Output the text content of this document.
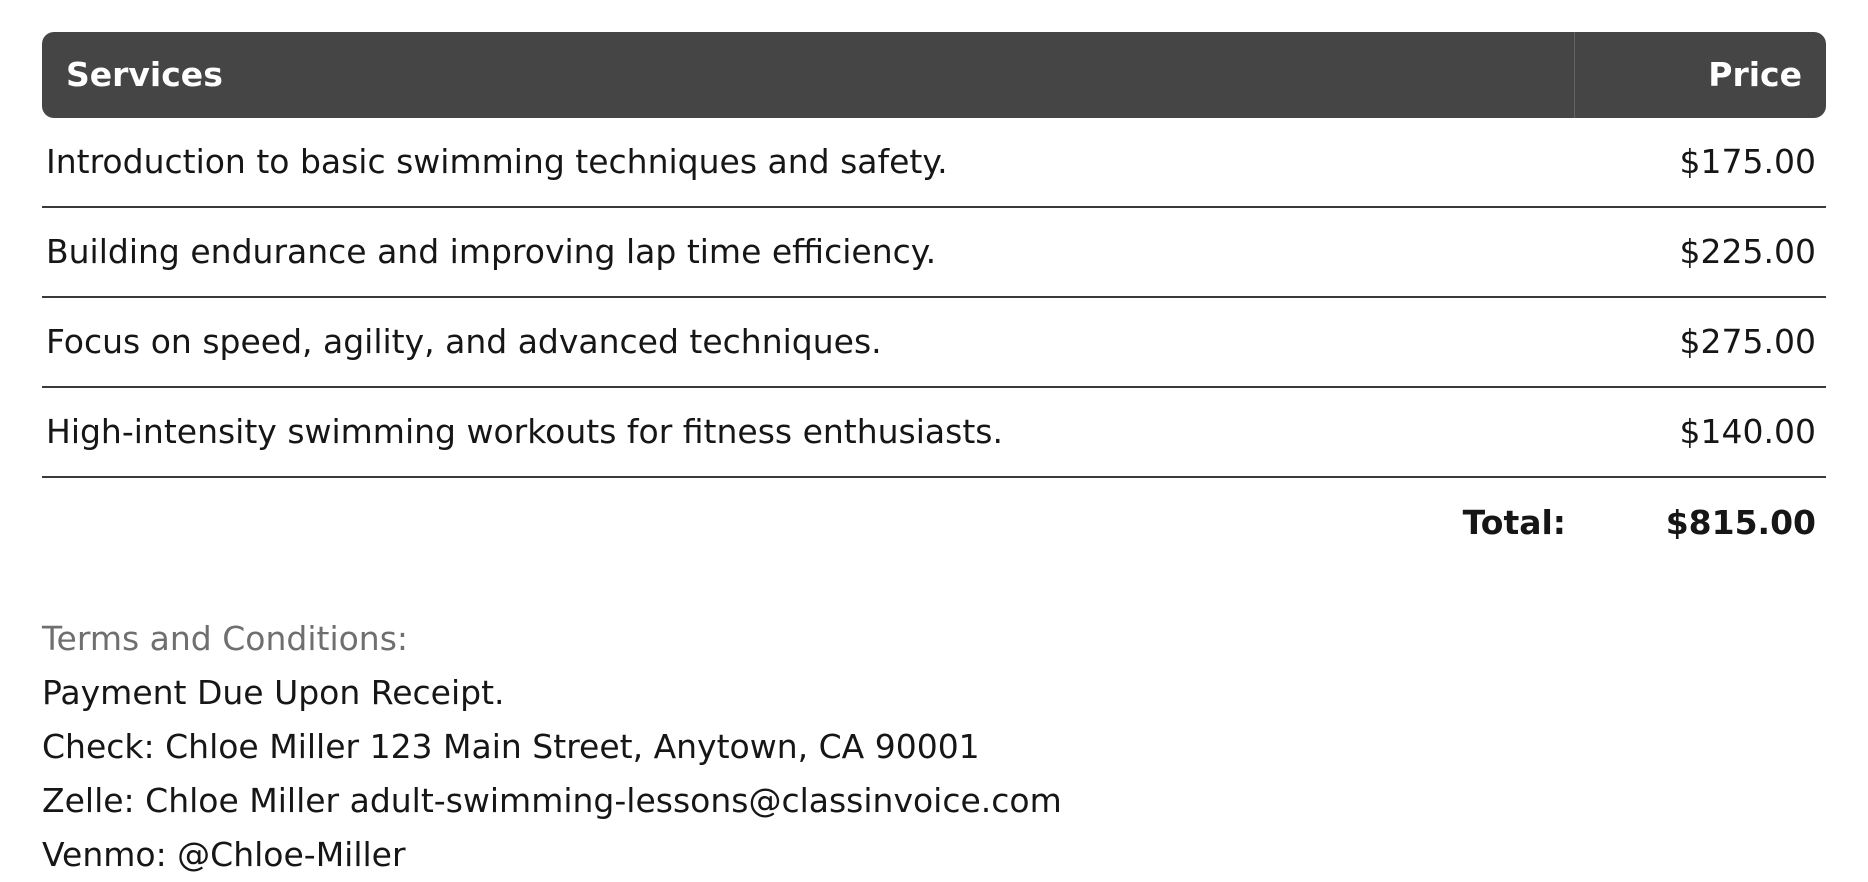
Services	Price
Introduction to basic swimming techniques and safety.	$175.00
Building endurance and improving lap time efficiency.	$225.00
Focus on speed, agility, and advanced techniques.	$275.00
High-intensity swimming workouts for fitness enthusiasts.	$140.00
Total:	$815.00

Terms and Conditions:

Payment Due Upon Receipt.

Check: Chloe Miller 123 Main Street, Anytown, CA 90001

Zelle: Chloe Miller adult-swimming-lessons@classinvoice.com

Venmo: @Chloe-Miller
